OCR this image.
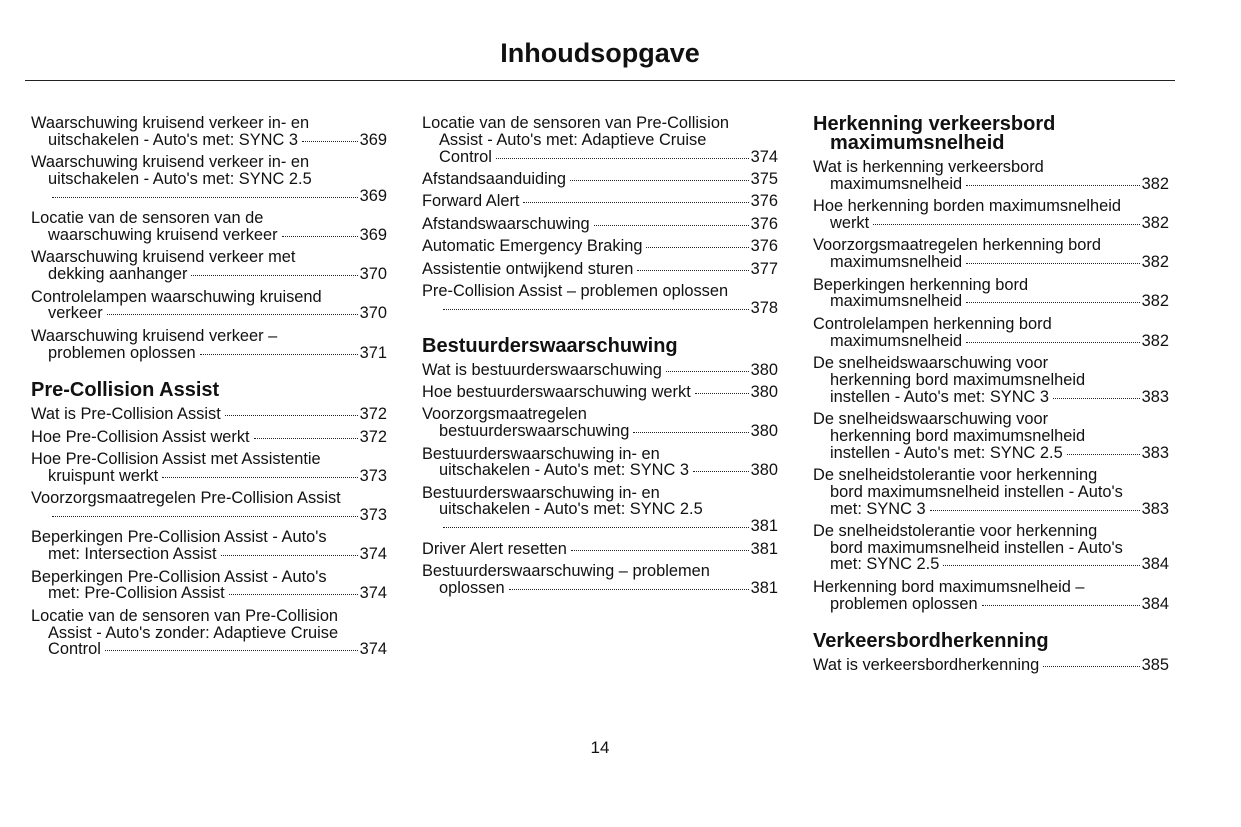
Inhoudsopgave
Waarschuwing kruisend verkeer in- en
uitschakelen - Auto's met: SYNC 3	369
Waarschuwing kruisend verkeer in- en
uitschakelen - Auto's met: SYNC 2.5
369
Locatie van de sensoren van de
waarschuwing kruisend verkeer	369
Waarschuwing kruisend verkeer met
dekking aanhanger	370
Controlelampen waarschuwing kruisend
verkeer	370
Waarschuwing kruisend verkeer –
problemen oplossen	371
Pre-Collision Assist
Wat is Pre-Collision Assist	372
Hoe Pre-Collision Assist werkt	372
Hoe Pre-Collision Assist met Assistentie
kruispunt werkt	373
Voorzorgsmaatregelen Pre-Collision Assist
373
Beperkingen Pre-Collision Assist - Auto's
met: Intersection Assist	374
Beperkingen Pre-Collision Assist - Auto's
met: Pre-Collision Assist	374
Locatie van de sensoren van Pre-Collision
Assist - Auto's zonder: Adaptieve Cruise
Control	374
Locatie van de sensoren van Pre-Collision
Assist - Auto's met: Adaptieve Cruise
Control	374
Afstandsaanduiding	375
Forward Alert	376
Afstandswaarschuwing	376
Automatic Emergency Braking	376
Assistentie ontwijkend sturen	377
Pre-Collision Assist – problemen oplossen
378
Bestuurderswaarschuwing
Wat is bestuurderswaarschuwing	380
Hoe bestuurderswaarschuwing werkt	380
Voorzorgsmaatregelen
bestuurderswaarschuwing	380
Bestuurderswaarschuwing in- en
uitschakelen - Auto's met: SYNC 3	380
Bestuurderswaarschuwing in- en
uitschakelen - Auto's met: SYNC 2.5
381
Driver Alert resetten	381
Bestuurderswaarschuwing – problemen
oplossen	381
Herkenning verkeersbord

maximumsnelheid
Wat is herkenning verkeersbord
maximumsnelheid	382
Hoe herkenning borden maximumsnelheid
werkt	382
Voorzorgsmaatregelen herkenning bord
maximumsnelheid	382
Beperkingen herkenning bord
maximumsnelheid	382
Controlelampen herkenning bord
maximumsnelheid	382
De snelheidswaarschuwing voor
herkenning bord maximumsnelheid
instellen - Auto's met: SYNC 3	383
De snelheidswaarschuwing voor
herkenning bord maximumsnelheid
instellen - Auto's met: SYNC 2.5	383
De snelheidstolerantie voor herkenning
bord maximumsnelheid instellen - Auto's
met: SYNC 3	383
De snelheidstolerantie voor herkenning
bord maximumsnelheid instellen - Auto's
met: SYNC 2.5	384
Herkenning bord maximumsnelheid –
problemen oplossen	384
Verkeersbordherkenning
Wat is verkeersbordherkenning	385
14
